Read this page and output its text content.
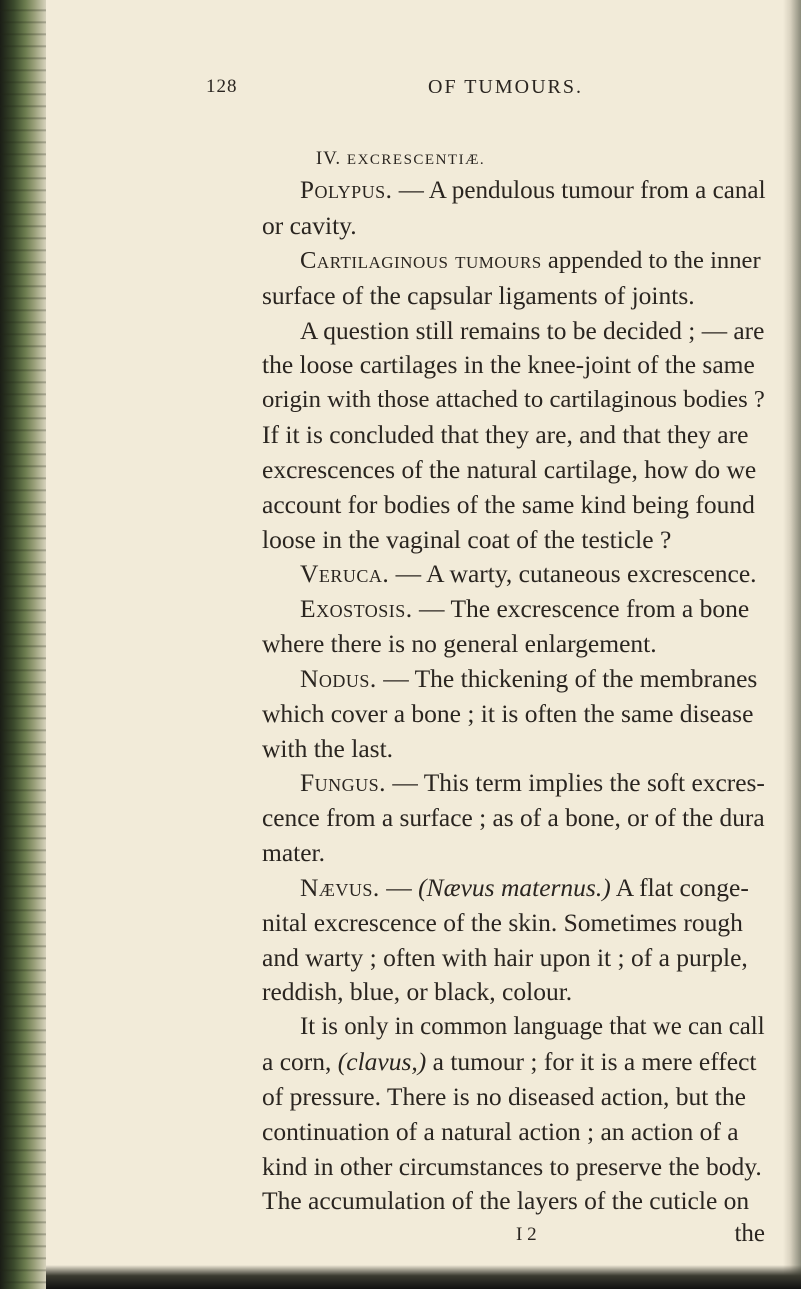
128	OF TUMOURS.
IV. EXCRESCENTIÆ.
Polypus. — A pendulous tumour from a canal
or cavity.
Cartilaginous tumours appended to the inner
surface of the capsular ligaments of joints.
A question still remains to be decided ; — are
the loose cartilages in the knee-joint of the same
origin with those attached to cartilaginous bodies ?
If it is concluded that they are, and that they are
excrescences of the natural cartilage, how do we
account for bodies of the same kind being found
loose in the vaginal coat of the testicle ?
Veruca. — A warty, cutaneous excrescence.
Exostosis. — The excrescence from a bone
where there is no general enlargement.
Nodus. — The thickening of the membranes
which cover a bone ; it is often the same disease
with the last.
Fungus. — This term implies the soft excres-
cence from a surface ; as of a bone, or of the dura
mater.
Nævus. — (Nævus maternus.) A flat conge-
nital excrescence of the skin. Sometimes rough
and warty ; often with hair upon it ; of a purple,
reddish, blue, or black, colour.
It is only in common language that we can call
a corn, (clavus,) a tumour ; for it is a mere effect
of pressure. There is no diseased action, but the
continuation of a natural action ; an action of a
kind in other circumstances to preserve the body.
The accumulation of the layers of the cuticle on
I 2	the
